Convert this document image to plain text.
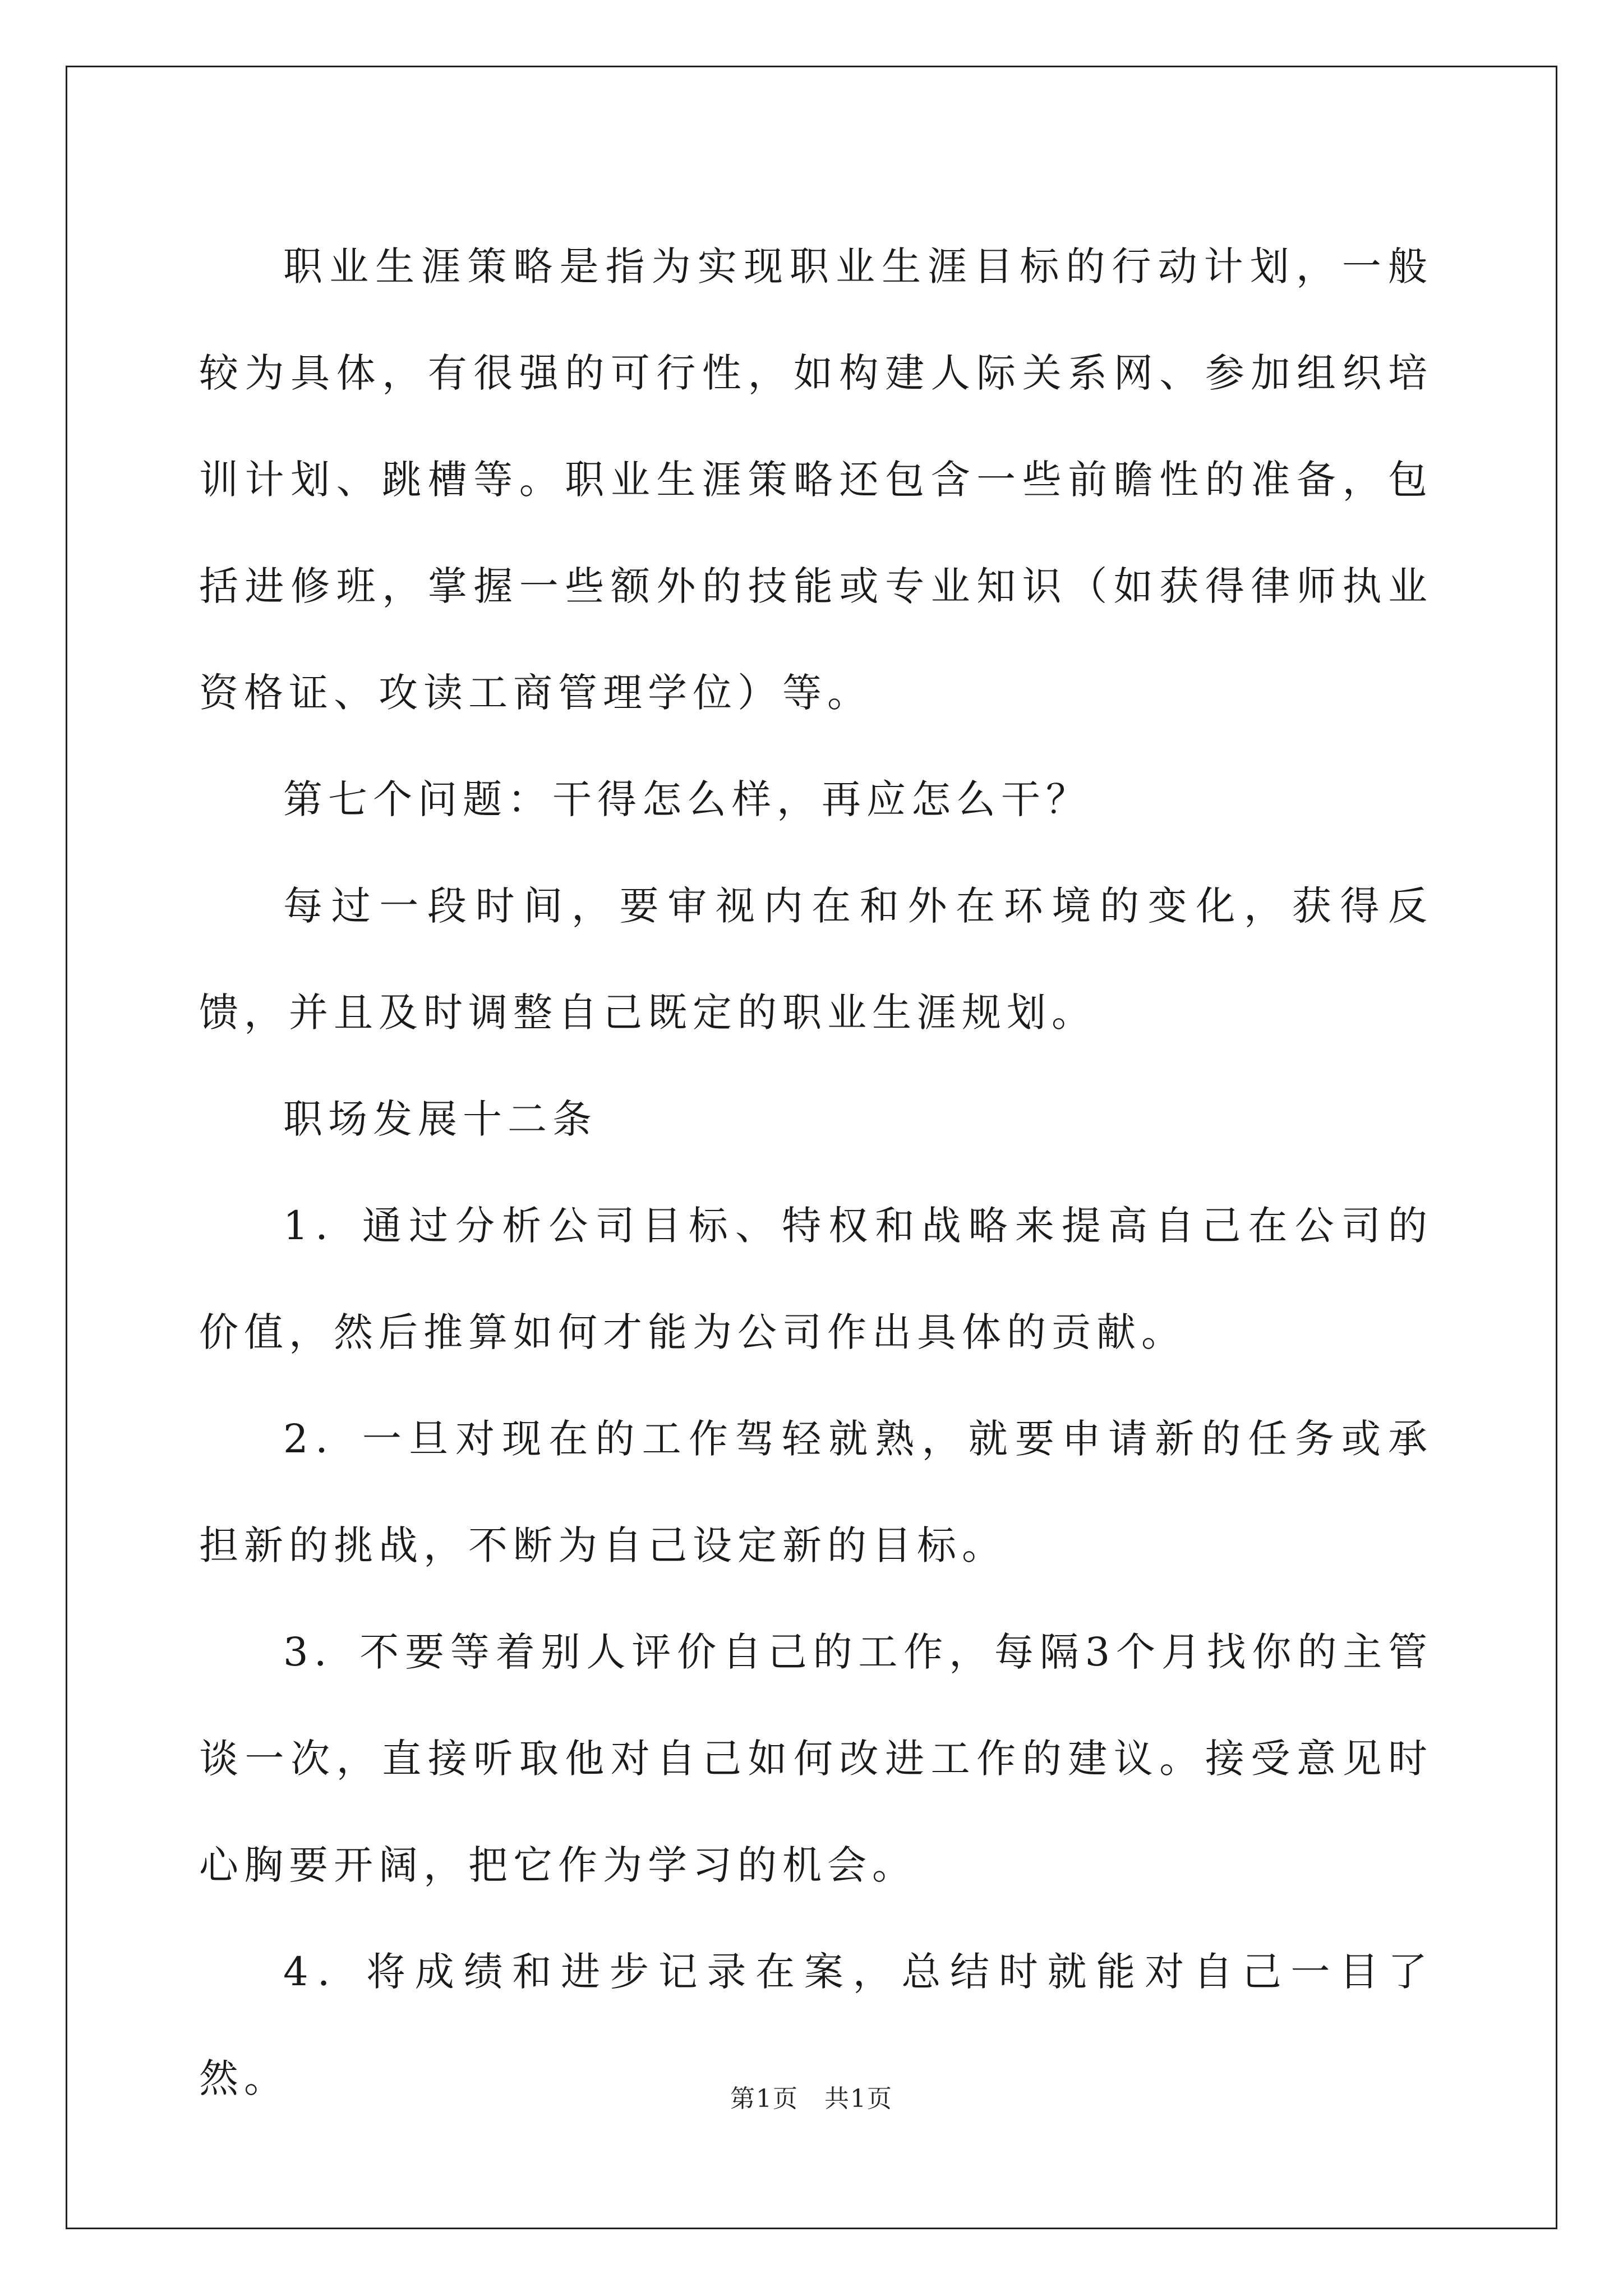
职业生涯策略是指为实现职业生涯目标的行动计划，一般较为具体，有很强的可行性，如构建人际关系网、参加组织培训计划、跳槽等。职业生涯策略还包含一些前瞻性的准备，包括进修班，掌握一些额外的技能或专业知识（如获得律师执业资格证、攻读工商管理学位）等。

第七个问题：干得怎么样，再应怎么干？

每过一段时间，要审视内在和外在环境的变化，获得反馈，并且及时调整自己既定的职业生涯规划。

职场发展十二条

1．通过分析公司目标、特权和战略来提高自己在公司的价值，然后推算如何才能为公司作出具体的贡献。

2．一旦对现在的工作驾轻就熟，就要申请新的任务或承担新的挑战，不断为自己设定新的目标。

3．不要等着别人评价自己的工作，每隔3个月找你的主管谈一次，直接听取他对自己如何改进工作的建议。接受意见时心胸要开阔，把它作为学习的机会。

4．将成绩和进步记录在案，总结时就能对自己一目了然。	第1页　共1页
